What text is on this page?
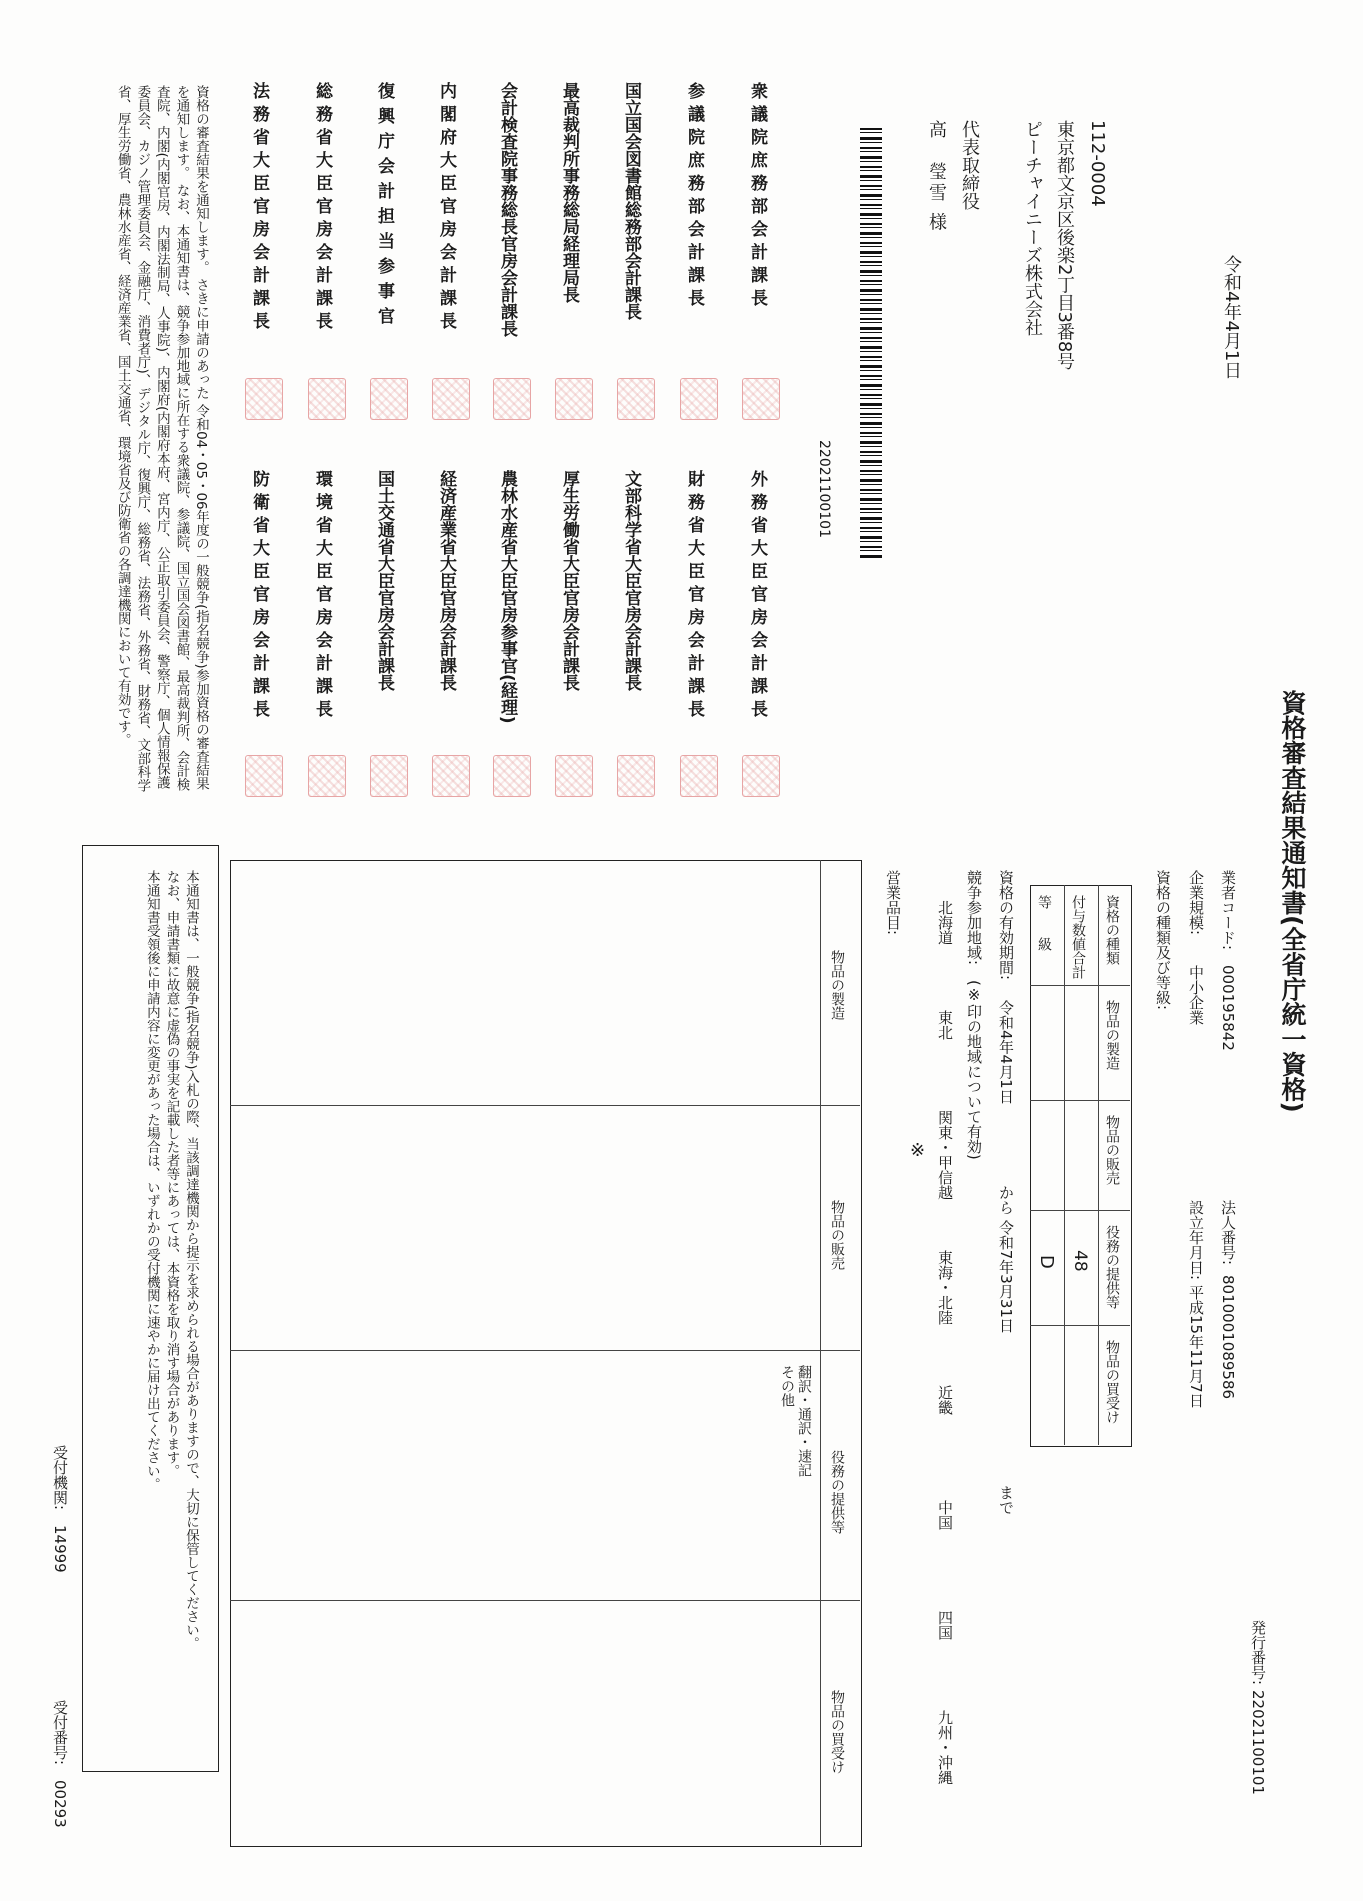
令和4年4月1日
112-0004
東京都文京区後楽2丁目3番8号
ピーチャイニーズ株式会社
代表取締役
高　瑩雪 様
22021100101
衆議院庶務部会計課長
参議院庶務部会計課長
国立国会図書館総務部会計課長
最高裁判所事務総局経理局長
会計検査院事務総長官房会計課長
内閣府大臣官房会計課長
復興庁会計担当参事官
総務省大臣官房会計課長
法務省大臣官房会計課長
外務省大臣官房会計課長
財務省大臣官房会計課長
文部科学省大臣官房会計課長
厚生労働省大臣官房会計課長
農林水産省大臣官房参事官(経理)
経済産業省大臣官房会計課長
国土交通省大臣官房会計課長
環境省大臣官房会計課長
防衛省大臣官房会計課長
資格の審査結果を通知します。 さきに申請のあった 令和04・05・06年度の一般競争(指名競争)参加資格の審査結果を通知します。 なお、本通知書は、競争参加地域に所在する衆議院、参議院、国立国会図書館、最高裁判所、会計検査院、内閣(内閣官房、内閣法制局、人事院)、内閣府(内閣府本府、宮内庁、公正取引委員会、警察庁、個人情報保護委員会、カジノ管理委員会、金融庁、消費者庁)、デジタル庁、復興庁、総務省、法務省、外務省、財務省、文部科学省、厚生労働省、農林水産省、経済産業省、国土交通省、環境省及び防衛省の各調達機関において有効です。
資格審査結果通知書(全省庁統一資格)
発行番号:
22021100101
業者コード:
000195842
法人番号:
8010001089586
企業規模:
中小企業
設立年月日:
平成15年11月7日
資格の種類及び等級:
資格の種類
物品の製造
物品の販売
役務の提供等
物品の買受け
付与数値合計
等　　級
48
D
資格の有効期間:
令和4年4月1日
から 令和7年3月31日
まで
競争参加地域:
(※印の地域について有効)
北海道
東北
関東・甲信越
※
東海・北陸
近畿
中国
四国
九州・沖縄
営業品目:
物品の製造
物品の販売
役務の提供等
物品の買受け
翻訳・通訳・速記
その他
本通知書は、一般競争(指名競争)入札の際、当該調達機関から提示を求められる場合がありますので、大切に保管してください。
なお、申請書類に故意に虚偽の事実を記載した者等にあっては、本資格を取り消す場合があります。
本通知書受領後に申請内容に変更があった場合は、いずれかの受付機関に速やかに届け出てください。
受付機関:
14999
受付番号:
00293
